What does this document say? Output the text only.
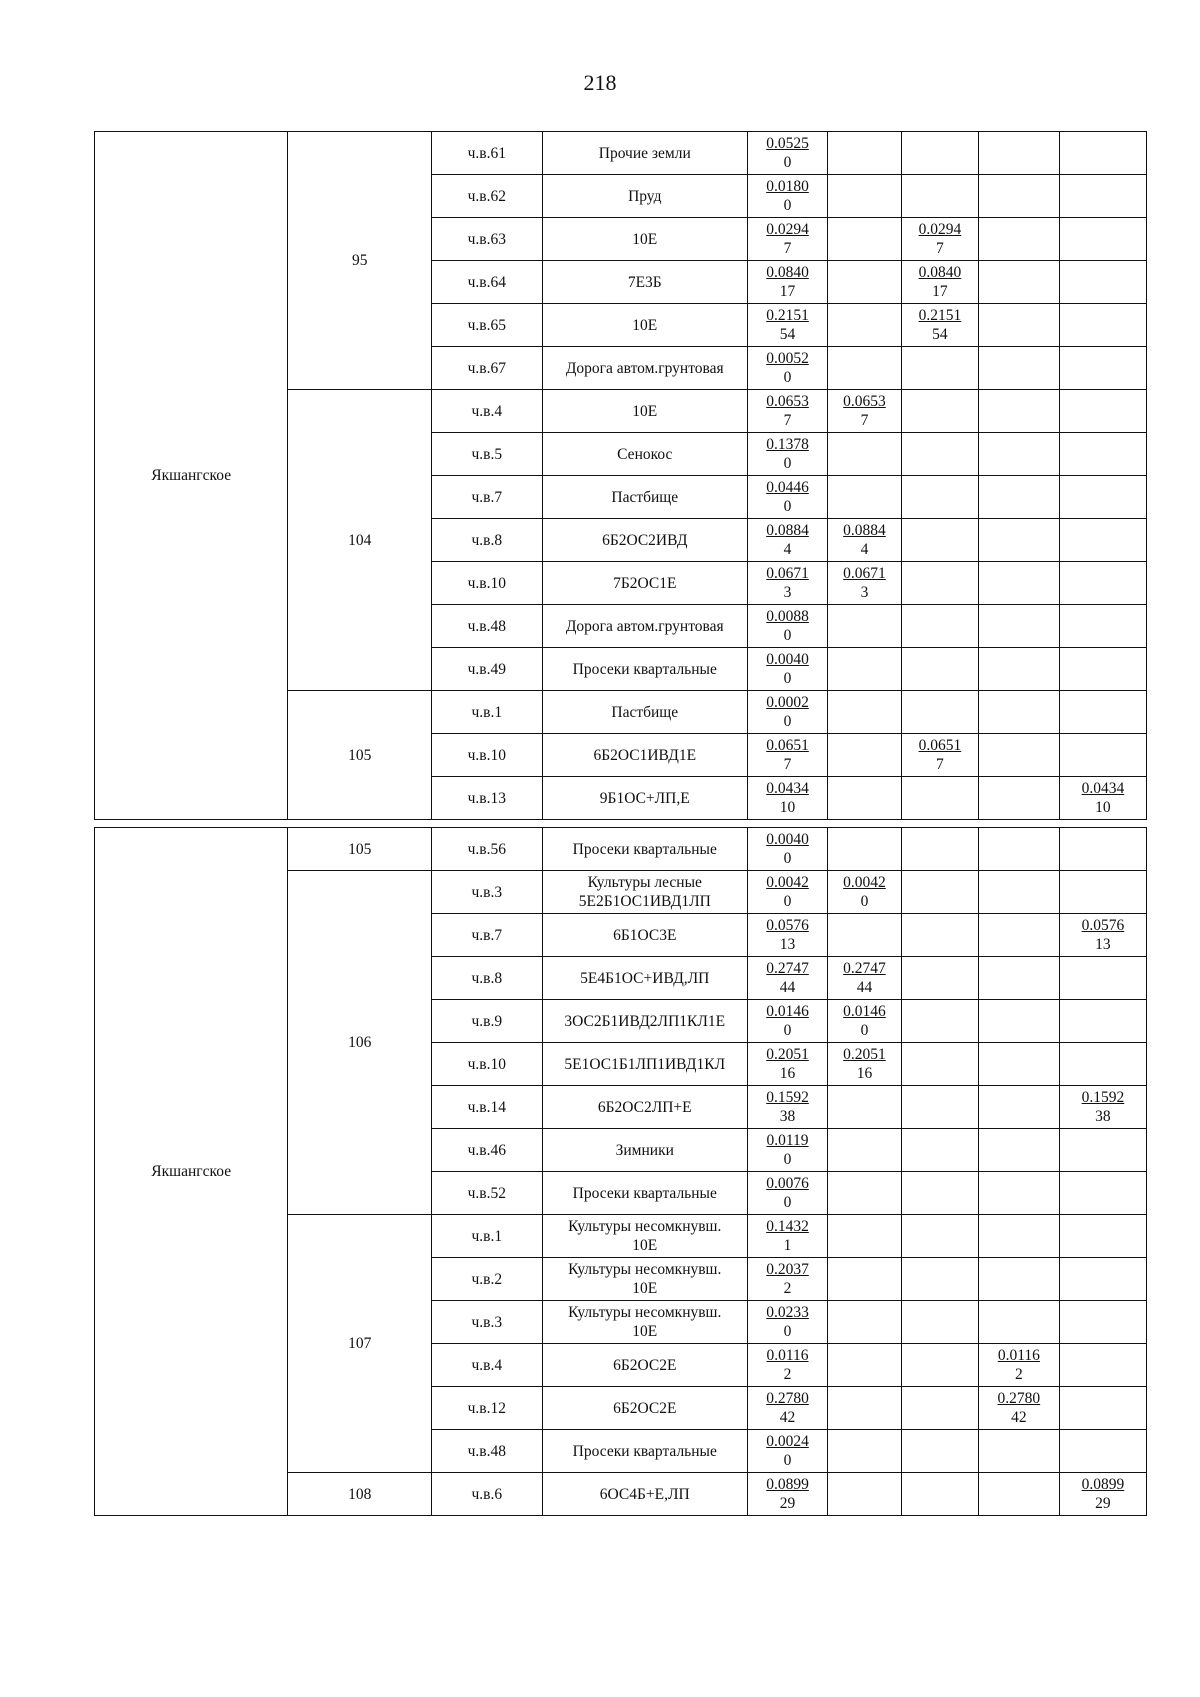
218
Якшангское	95	ч.в.61	Прочие земли	$\frac{0.0525}{0}$

		ч.в.62	Пруд	$\frac{0.0180}{0}$

		ч.в.63	10Е	$\frac{0.0294}{7}$		$\frac{0.0294}{7}$

		ч.в.64	7Е3Б	$\frac{0.0840}{17}$		$\frac{0.0840}{17}$

		ч.в.65	10Е	$\frac{0.2151}{54}$		$\frac{0.2151}{54}$

		ч.в.67	Дорога автом.грунтовая	$\frac{0.0052}{0}$

	104	ч.в.4	10Е	$\frac{0.0653}{7}$	$\frac{0.0653}{7}$

		ч.в.5	Сенокос	$\frac{0.1378}{0}$

		ч.в.7	Пастбище	$\frac{0.0446}{0}$

		ч.в.8	6Б2ОС2ИВД	$\frac{0.0884}{4}$	$\frac{0.0884}{4}$

		ч.в.10	7Б2ОС1Е	$\frac{0.0671}{3}$	$\frac{0.0671}{3}$

		ч.в.48	Дорога автом.грунтовая	$\frac{0.0088}{0}$

		ч.в.49	Просеки квартальные	$\frac{0.0040}{0}$

	105	ч.в.1	Пастбище	$\frac{0.0002}{0}$

		ч.в.10	6Б2ОС1ИВД1Е	$\frac{0.0651}{7}$		$\frac{0.0651}{7}$

		ч.в.13	9Б1ОС+ЛП,Е	$\frac{0.0434}{10}$				$\frac{0.0434}{10}$
Якшангское	105	ч.в.56	Просеки квартальные	$\frac{0.0040}{0}$

	106	ч.в.3	Культуры лесные
5Е2Б1ОС1ИВД1ЛП	$\frac{0.0042}{0}$	$\frac{0.0042}{0}$

		ч.в.7	6Б1ОС3Е	$\frac{0.0576}{13}$				$\frac{0.0576}{13}$

		ч.в.8	5Е4Б1ОС+ИВД,ЛП	$\frac{0.2747}{44}$	$\frac{0.2747}{44}$

		ч.в.9	3ОС2Б1ИВД2ЛП1КЛ1Е	$\frac{0.0146}{0}$	$\frac{0.0146}{0}$

		ч.в.10	5Е1ОС1Б1ЛП1ИВД1КЛ	$\frac{0.2051}{16}$	$\frac{0.2051}{16}$

		ч.в.14	6Б2ОС2ЛП+Е	$\frac{0.1592}{38}$				$\frac{0.1592}{38}$

		ч.в.46	Зимники	$\frac{0.0119}{0}$

		ч.в.52	Просеки квартальные	$\frac{0.0076}{0}$

	107	ч.в.1	Культуры несомкнувш.
10Е	$\frac{0.1432}{1}$

		ч.в.2	Культуры несомкнувш.
10Е	$\frac{0.2037}{2}$

		ч.в.3	Культуры несомкнувш.
10Е	$\frac{0.0233}{0}$

		ч.в.4	6Б2ОС2Е	$\frac{0.0116}{2}$			$\frac{0.0116}{2}$

		ч.в.12	6Б2ОС2Е	$\frac{0.2780}{42}$			$\frac{0.2780}{42}$

		ч.в.48	Просеки квартальные	$\frac{0.0024}{0}$

	108	ч.в.6	6ОС4Б+Е,ЛП	$\frac{0.0899}{29}$				$\frac{0.0899}{29}$
